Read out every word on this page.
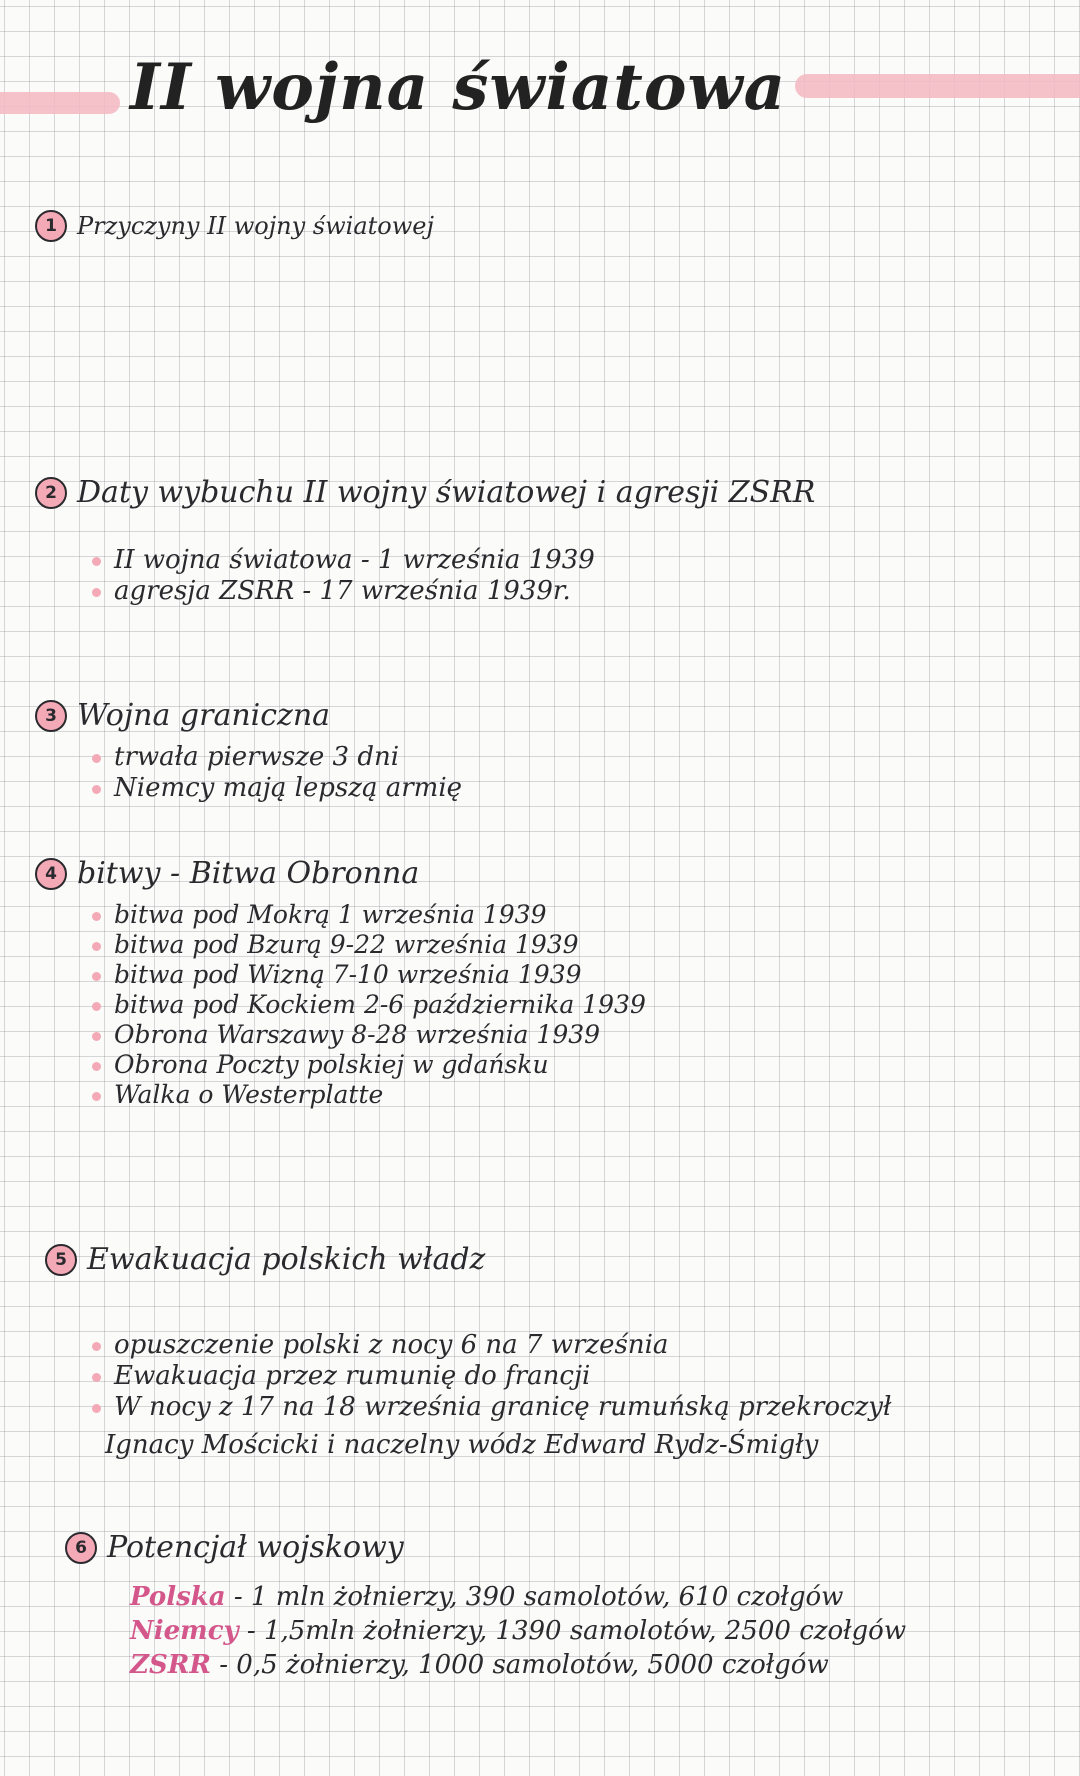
II wojna światowa
1 Przyczyny II wojny światowej
2 Daty wybuchu II wojny światowej i agresji ZSRR
II wojna światowa - 1 września 1939
agresja ZSRR - 17 września 1939r.
3 Wojna graniczna
trwała pierwsze 3 dni
Niemcy mają lepszą armię
4 bitwy - Bitwa Obronna
bitwa pod Mokrą 1 września 1939
bitwa pod Bzurą 9-22 września 1939
bitwa pod Wizną 7-10 września 1939
bitwa pod Kockiem 2-6 października 1939
Obrona Warszawy 8-28 września 1939
Obrona Poczty polskiej w gdańsku
Walka o Westerplatte
5 Ewakuacja polskich władz
opuszczenie polski z nocy 6 na 7 września
Ewakuacja przez rumunię do francji
W nocy z 17 na 18 września granicę rumuńską przekroczył
Ignacy Mościcki i naczelny wódz Edward Rydz-Śmigły
6 Potencjał wojskowy
Polska - 1 mln żołnierzy, 390 samolotów, 610 czołgów
Niemcy - 1,5mln żołnierzy, 1390 samolotów, 2500 czołgów
ZSRR - 0,5 żołnierzy, 1000 samolotów, 5000 czołgów
